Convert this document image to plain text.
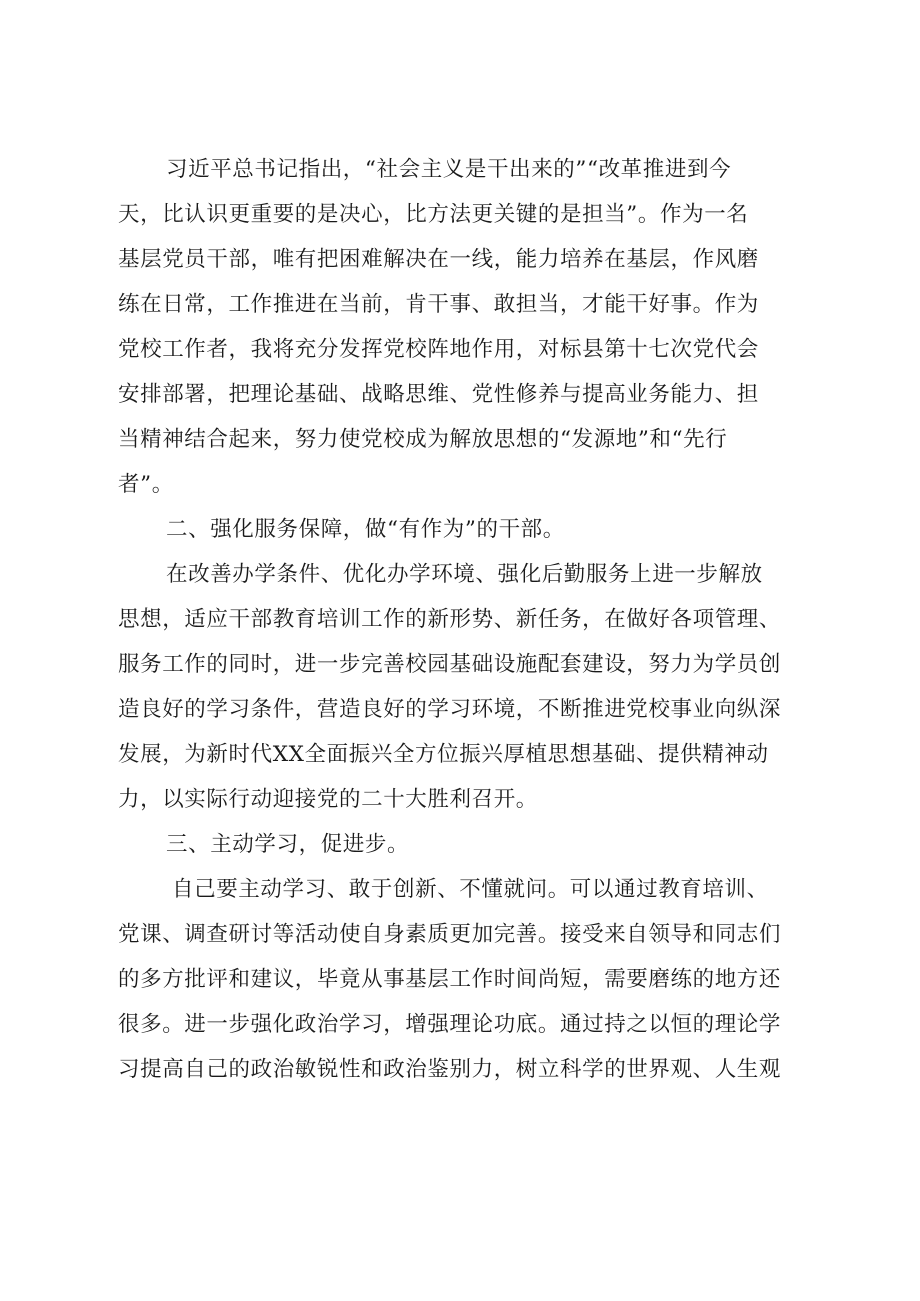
习近平总书记指出，“社会主义是干出来的”“改革推进到今
天，比认识更重要的是决心，比方法更关键的是担当”。作为一名
基层党员干部，唯有把困难解决在一线，能力培养在基层，作风磨
练在日常，工作推进在当前，肯干事、敢担当，才能干好事。作为
党校工作者，我将充分发挥党校阵地作用，对标县第十七次党代会
安排部署，把理论基础、战略思维、党性修养与提高业务能力、担
当精神结合起来，努力使党校成为解放思想的“发源地”和“先行
者”。
二、强化服务保障，做“有作为”的干部。
在改善办学条件、优化办学环境、强化后勤服务上进一步解放
思想，适应干部教育培训工作的新形势、新任务，在做好各项管理、
服务工作的同时，进一步完善校园基础设施配套建设，努力为学员创
造良好的学习条件，营造良好的学习环境，不断推进党校事业向纵深
发展，为新时代XX全面振兴全方位振兴厚植思想基础、提供精神动
力，以实际行动迎接党的二十大胜利召开。
三、主动学习，促进步。
自己要主动学习、敢于创新、不懂就问。可以通过教育培训、
党课、调查研讨等活动使自身素质更加完善。接受来自领导和同志们
的多方批评和建议，毕竟从事基层工作时间尚短，需要磨练的地方还
很多。进一步强化政治学习，增强理论功底。通过持之以恒的理论学
习提高自己的政治敏锐性和政治鉴别力，树立科学的世界观、人生观
